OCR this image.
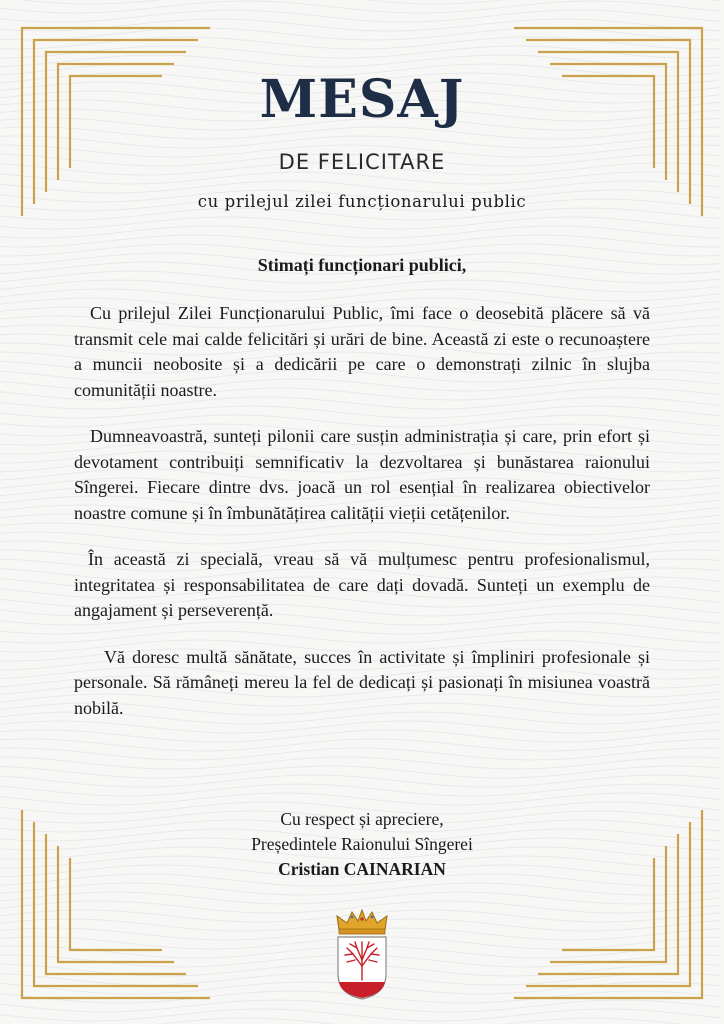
MESAJ
DE FELICITARE
cu prilejul zilei funcționarului public
Stimați funcționari publici,

Cu prilejul Zilei Funcționarului Public, îmi face o deosebită plăcere să vă transmit cele mai calde felicitări și urări de bine. Această zi este o recunoaștere a muncii neobosite și a dedicării pe care o demonstrați zilnic în slujba comunității noastre.

Dumneavoastră, sunteți pilonii care susțin administrația și care, prin efort și devotament contribuiți semnificativ la dezvoltarea și bunăstarea raionului Sîngerei. Fiecare dintre dvs. joacă un rol esențial în realizarea obiectivelor noastre comune și în îmbunătățirea calității vieții cetățenilor.

În această zi specială, vreau să vă mulțumesc pentru profesionalismul, integritatea și responsabilitatea de care dați dovadă. Sunteți un exemplu de angajament și perseverență.

Vă doresc multă sănătate, succes în activitate și împliniri profesionale și personale. Să rămâneți mereu la fel de dedicați și pasionați în misiunea voastră nobilă.

Cu respect și apreciere,
Președintele Raionului Sîngerei
Cristian CAINARIAN
